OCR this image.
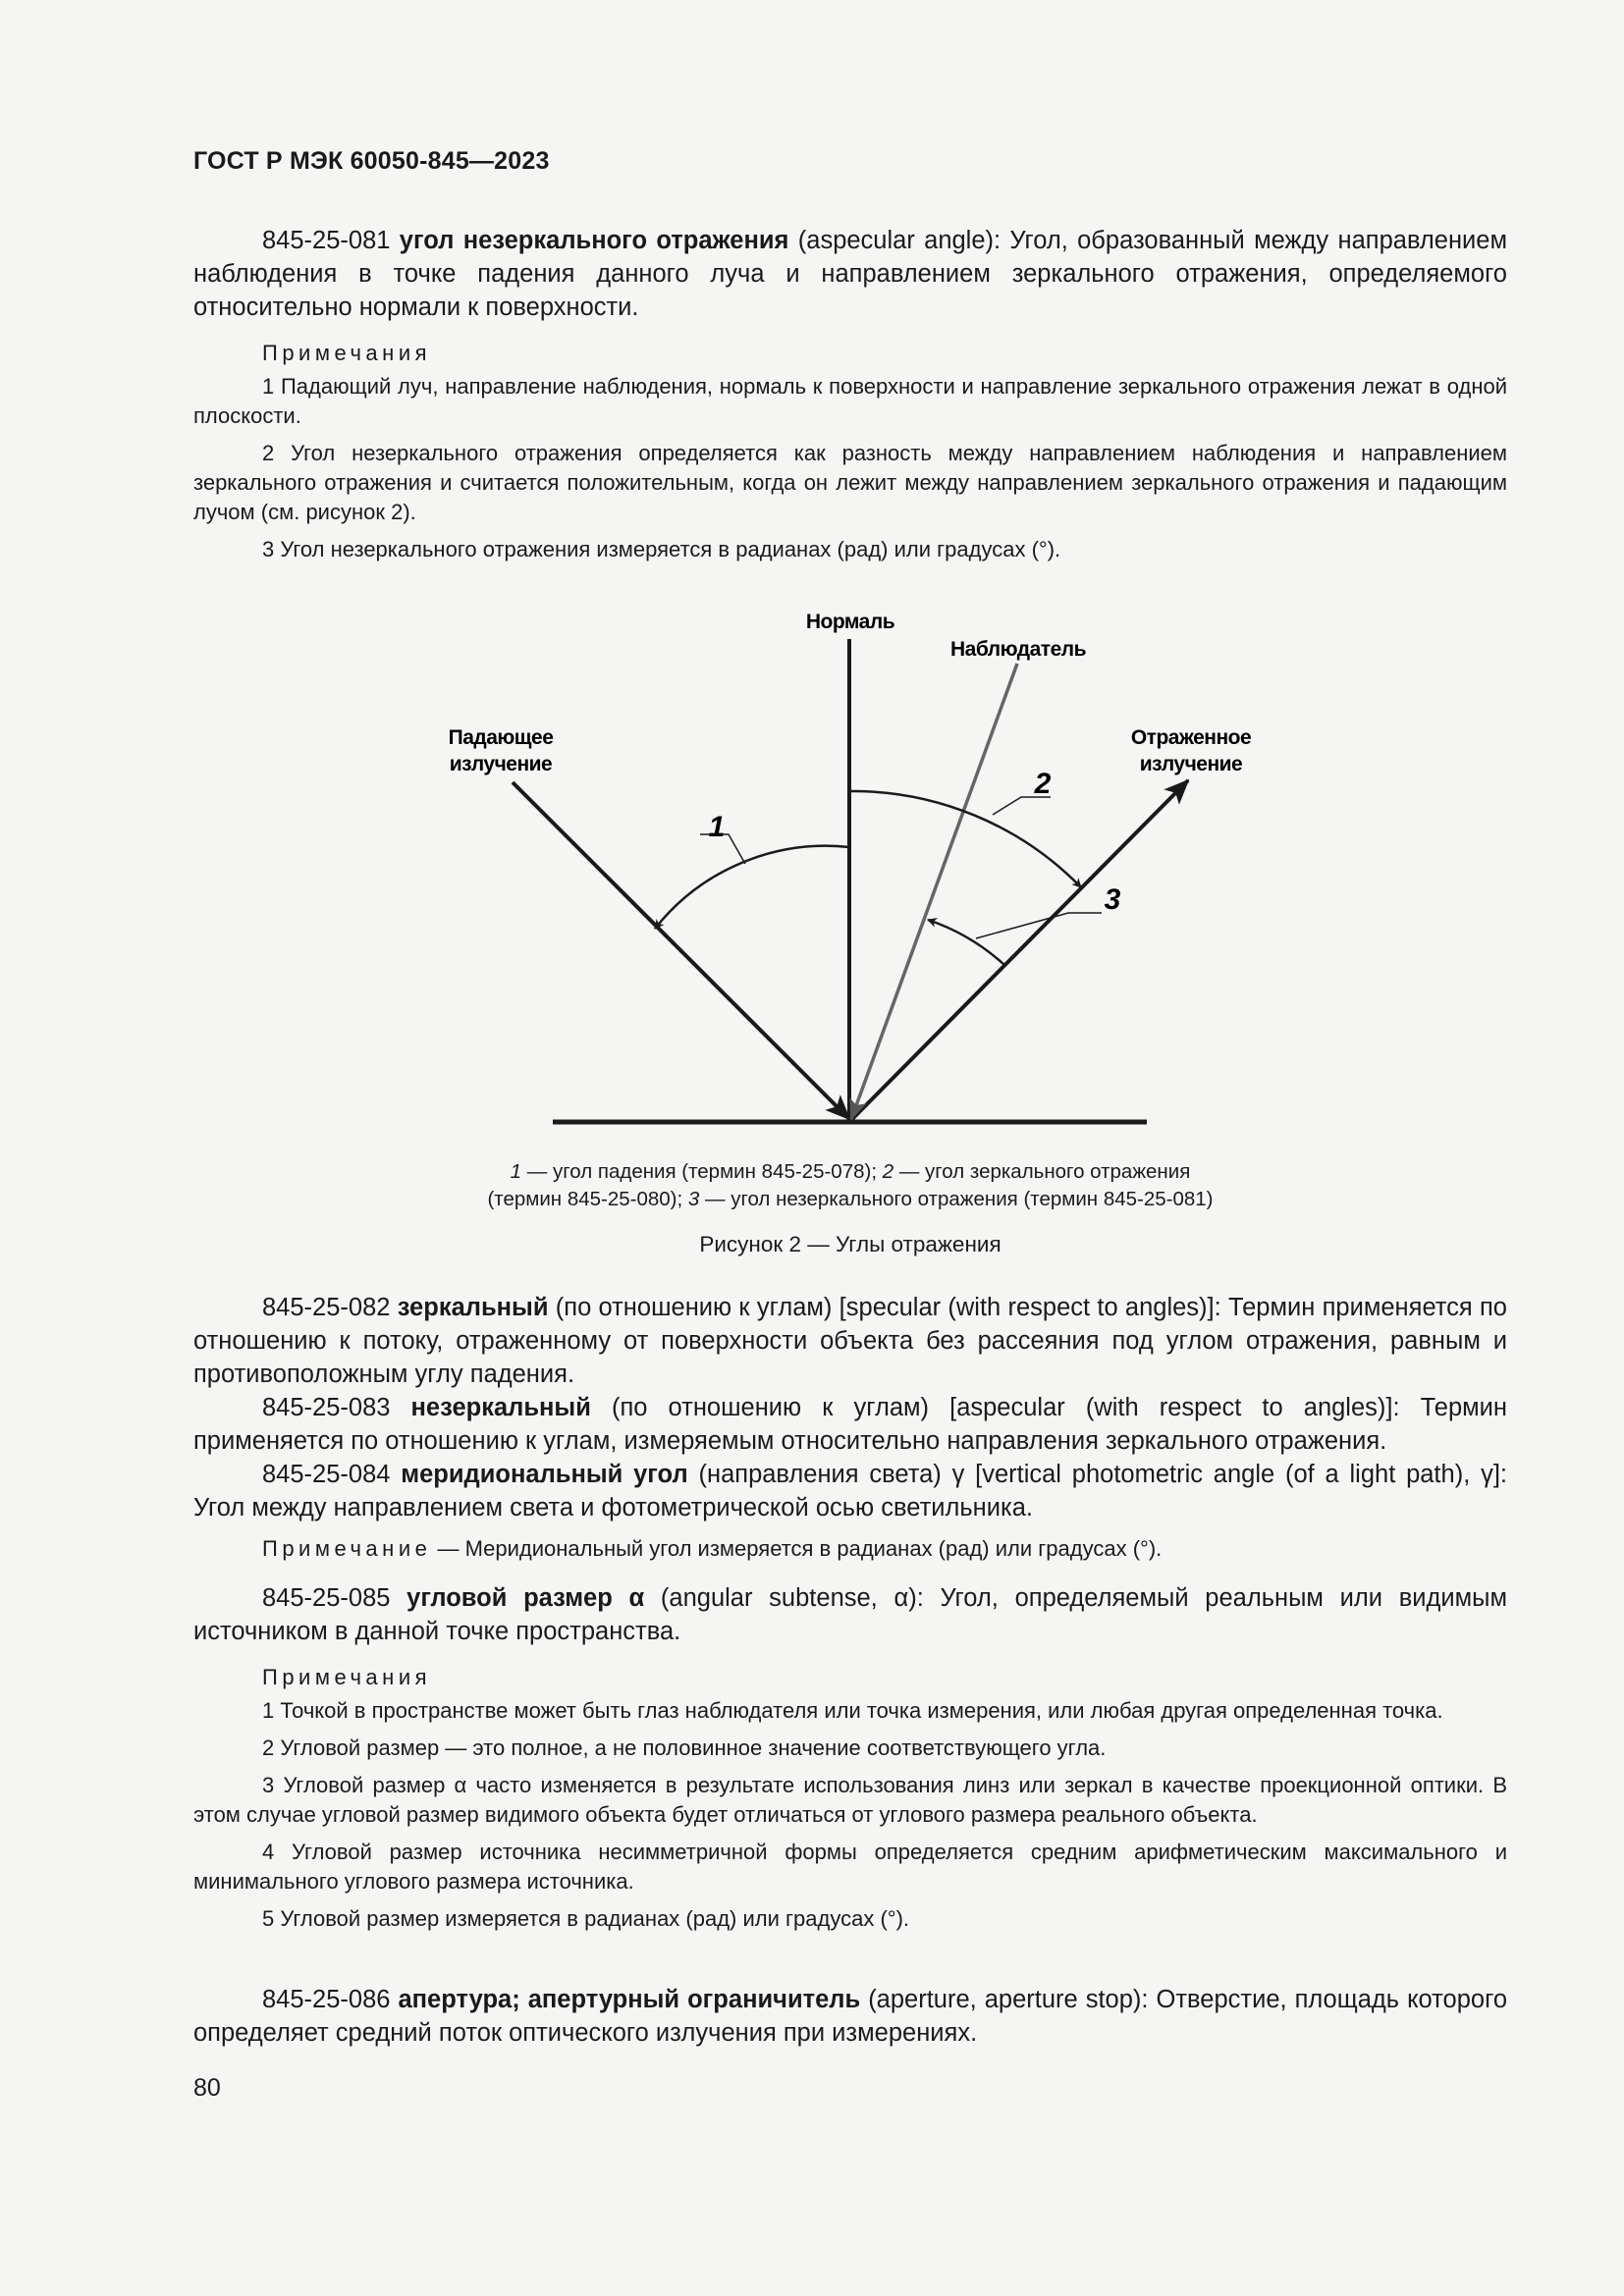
ГОСТ Р МЭК 60050-845—2023

845-25-081 угол незеркального отражения (aspecular angle): Угол, образованный между направлением наблюдения в точке падения данного луча и направлением зеркального отражения, определяемого относительно нормали к поверхности.

Примечания

1 Падающий луч, направление наблюдения, нормаль к поверхности и направление зеркального отражения лежат в одной плоскости.

2 Угол незеркального отражения определяется как разность между направлением наблюдения и направлением зеркального отражения и считается положительным, когда он лежит между направлением зеркального отражения и падающим лучом (см. рисунок 2).

3 Угол незеркального отражения измеряется в радианах (рад) или градусах (°).

Нормаль
Наблюдатель
Падающее
излучение
Отраженное
излучение
1
2
3
1 — угол падения (термин 845-25-078); 2 — угол зеркального отражения
(термин 845-25-080); 3 — угол незеркального отражения (термин 845-25-081)
Рисунок 2 — Углы отражения

845-25-082 зеркальный (по отношению к углам) [specular (with respect to angles)]: Термин применяется по отношению к потоку, отраженному от поверхности объекта без рассеяния под углом отражения, равным и противоположным углу падения.

845-25-083 незеркальный (по отношению к углам) [aspecular (with respect to angles)]: Термин применяется по отношению к углам, измеряемым относительно направления зеркального отражения.

845-25-084 меридиональный угол (направления света) γ [vertical photometric angle (of a light path), γ]: Угол между направлением света и фотометрической осью светильника.

Примечание — Меридиональный угол измеряется в радианах (рад) или градусах (°).

845-25-085 угловой размер α (angular subtense, α): Угол, определяемый реальным или видимым источником в данной точке пространства.

Примечания

1 Точкой в пространстве может быть глаз наблюдателя или точка измерения, или любая другая определенная точка.

2 Угловой размер — это полное, а не половинное значение соответствующего угла.

3 Угловой размер α часто изменяется в результате использования линз или зеркал в качестве проекционной оптики. В этом случае угловой размер видимого объекта будет отличаться от углового размера реального объекта.

4 Угловой размер источника несимметричной формы определяется средним арифметическим максимального и минимального углового размера источника.

5 Угловой размер измеряется в радианах (рад) или градусах (°).

845-25-086 апертура; апертурный ограничитель (aperture, aperture stop): Отверстие, площадь которого определяет средний поток оптического излучения при измерениях.

80
